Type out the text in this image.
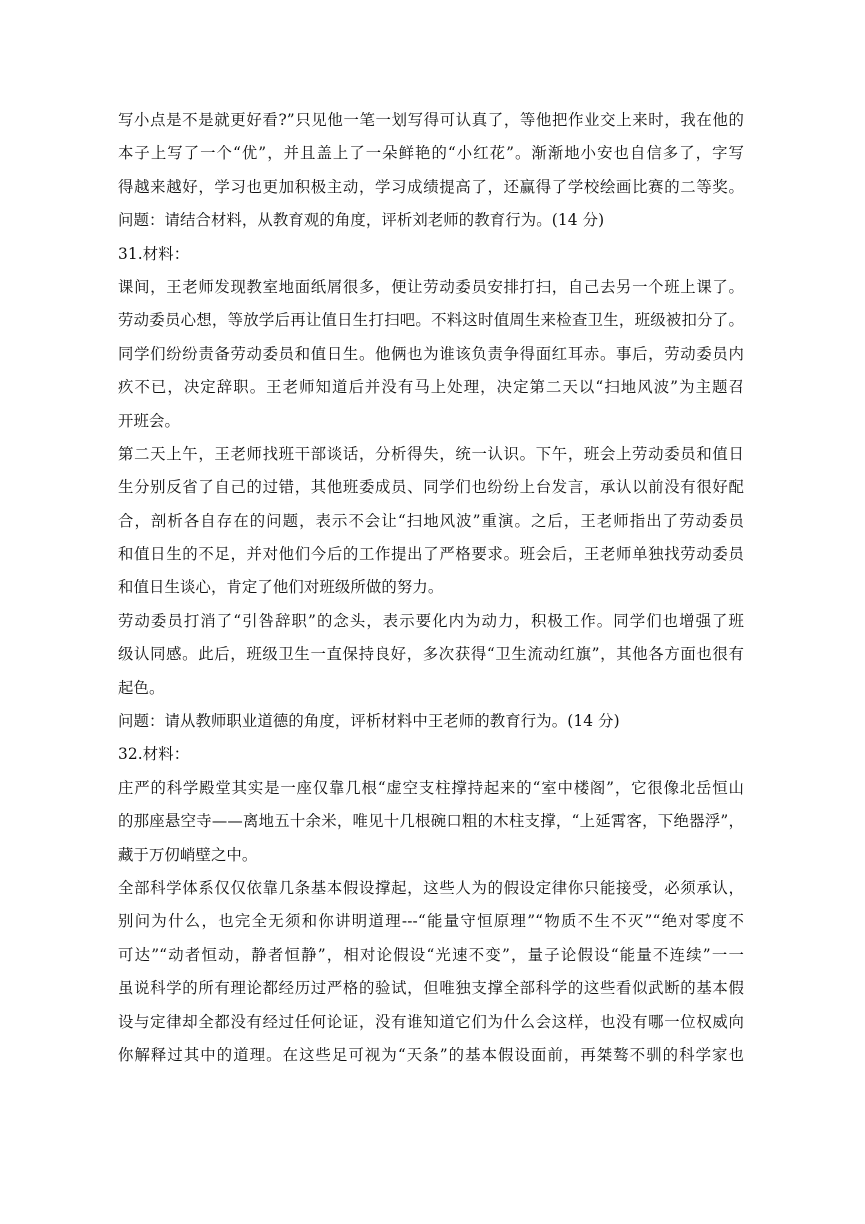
写小点是不是就更好看?”只见他一笔一划写得可认真了，等他把作业交上来时，我在他的
本子上写了一个“优”，并且盖上了一朵鲜艳的“小红花”。渐渐地小安也自信多了，字写
得越来越好，学习也更加积极主动，学习成绩提高了，还赢得了学校绘画比赛的二等奖。
问题：请结合材料，从教育观的角度，评析刘老师的教育行为。(14 分)
31.材料：
课间，王老师发现教室地面纸屑很多，便让劳动委员安排打扫，自己去另一个班上课了。
劳动委员心想，等放学后再让值日生打扫吧。不料这时值周生来检查卫生，班级被扣分了。
同学们纷纷责备劳动委员和值日生。他俩也为谁该负责争得面红耳赤。事后，劳动委员内
疚不已，决定辞职。王老师知道后并没有马上处理，决定第二天以“扫地风波”为主题召
开班会。
第二天上午，王老师找班干部谈话，分析得失，统一认识。下午，班会上劳动委员和值日
生分别反省了自己的过错，其他班委成员、同学们也纷纷上台发言，承认以前没有很好配
合，剖析各自存在的问题，表示不会让“扫地风波”重演。之后，王老师指出了劳动委员
和值日生的不足，并对他们今后的工作提出了严格要求。班会后，王老师单独找劳动委员
和值日生谈心，肯定了他们对班级所做的努力。
劳动委员打消了“引咎辞职”的念头，表示要化内为动力，积极工作。同学们也增强了班
级认同感。此后，班级卫生一直保持良好，多次获得“卫生流动红旗”，其他各方面也很有
起色。
问题：请从教师职业道德的角度，评析材料中王老师的教育行为。(14 分)
32.材料：
庄严的科学殿堂其实是一座仅靠几根“虚空支柱撑持起来的“室中楼阁”，它很像北岳恒山
的那座悬空寺——离地五十余米，唯见十几根碗口粗的木柱支撑，“上延霄客，下绝器浮”，
藏于万仞峭壁之中。
全部科学体系仅仅依靠几条基本假设撑起，这些人为的假设定律你只能接受，必须承认，
别问为什么，也完全无须和你讲明道理---“能量守恒原理”“物质不生不灭”“绝对零度不
可达”“动者恒动，静者恒静”，相对论假设“光速不变”，量子论假设“能量不连续”一一
虽说科学的所有理论都经历过严格的验试，但唯独支撑全部科学的这些看似武断的基本假
设与定律却全都没有经过任何论证，没有谁知道它们为什么会这样，也没有哪一位权威向
你解释过其中的道理。在这些足可视为“天条”的基本假设面前，再桀骜不驯的科学家也
